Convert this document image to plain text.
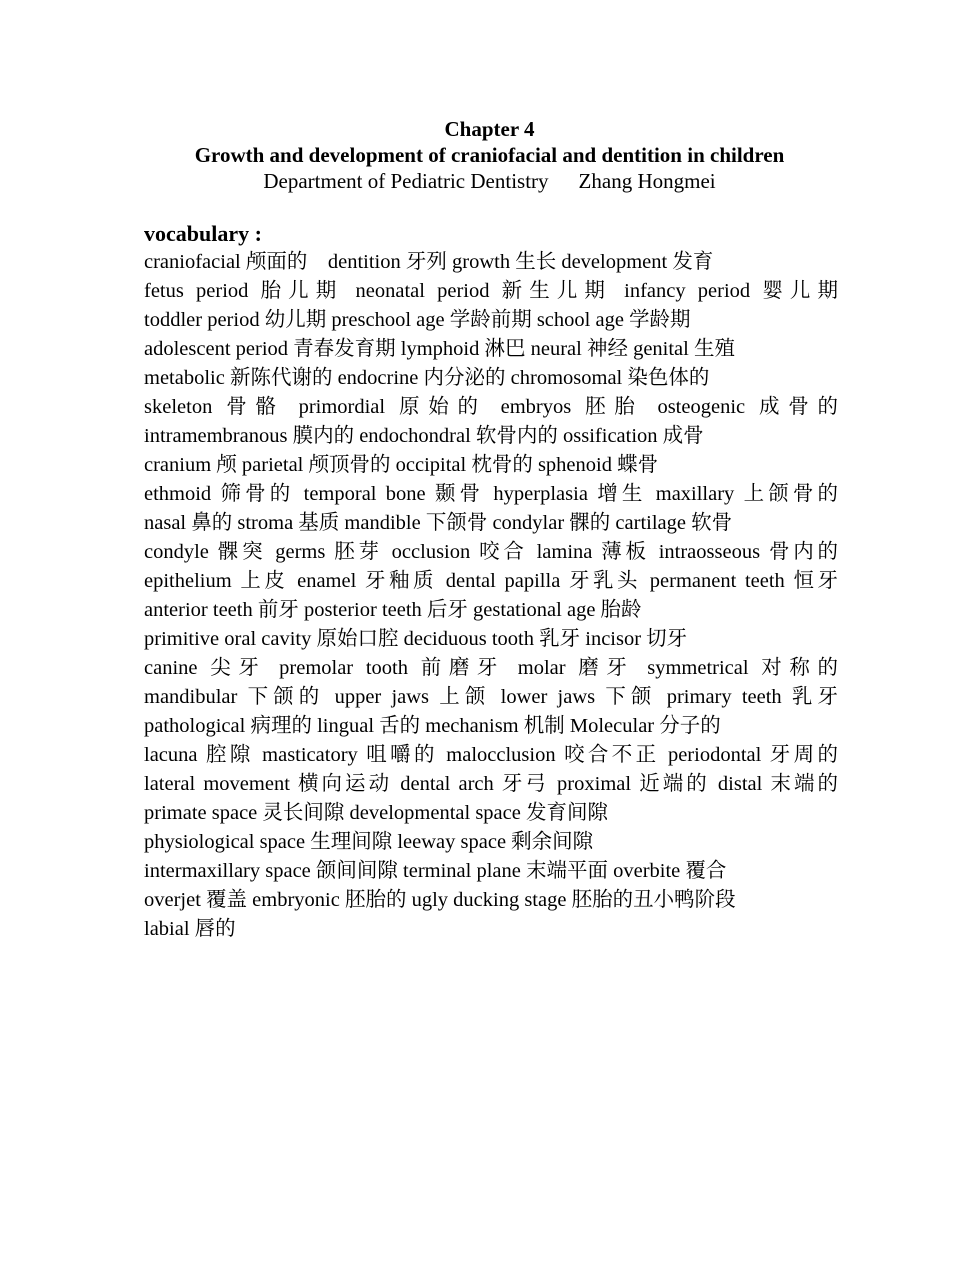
Chapter 4
Growth and development of craniofacial and dentition in children
Department of Pediatric Dentistry Zhang Hongmei
vocabulary :
craniofacial 颅面的　dentition 牙列 growth 生长 development 发育
fetus period 胎儿期 neonatal period 新生儿期 infancy period 婴儿期
toddler period 幼儿期 preschool age 学龄前期 school age 学龄期
adolescent period 青春发育期 lymphoid 淋巴 neural 神经 genital 生殖
metabolic 新陈代谢的 endocrine 内分泌的 chromosomal 染色体的
skeleton 骨骼 primordial 原始的 embryos 胚胎 osteogenic 成骨的
intramembranous 膜内的 endochondral 软骨内的 ossification 成骨
cranium 颅 parietal 颅顶骨的 occipital 枕骨的 sphenoid 蝶骨
ethmoid 筛骨的 temporal bone 颞骨 hyperplasia 增生 maxillary 上颌骨的
nasal 鼻的 stroma 基质 mandible 下颌骨 condylar 髁的 cartilage 软骨
condyle 髁突 germs 胚芽 occlusion 咬合 lamina 薄板 intraosseous 骨内的
epithelium 上皮 enamel 牙釉质 dental papilla 牙乳头 permanent teeth 恒牙
anterior teeth 前牙 posterior teeth 后牙 gestational age 胎龄
primitive oral cavity 原始口腔 deciduous tooth 乳牙 incisor 切牙
canine 尖牙 premolar tooth 前磨牙 molar 磨牙 symmetrical 对称的
mandibular 下颌的 upper jaws 上颌 lower jaws 下颌 primary teeth 乳牙
pathological 病理的 lingual 舌的 mechanism 机制 Molecular 分子的
lacuna 腔隙 masticatory 咀嚼的 malocclusion 咬合不正 periodontal 牙周的
lateral movement 横向运动 dental arch 牙弓 proximal 近端的 distal 末端的
primate space 灵长间隙 developmental space 发育间隙
physiological space 生理间隙 leeway space 剩余间隙
intermaxillary space 颌间间隙 terminal plane 末端平面 overbite 覆合
overjet 覆盖 embryonic 胚胎的 ugly ducking stage 胚胎的丑小鸭阶段
labial 唇的
